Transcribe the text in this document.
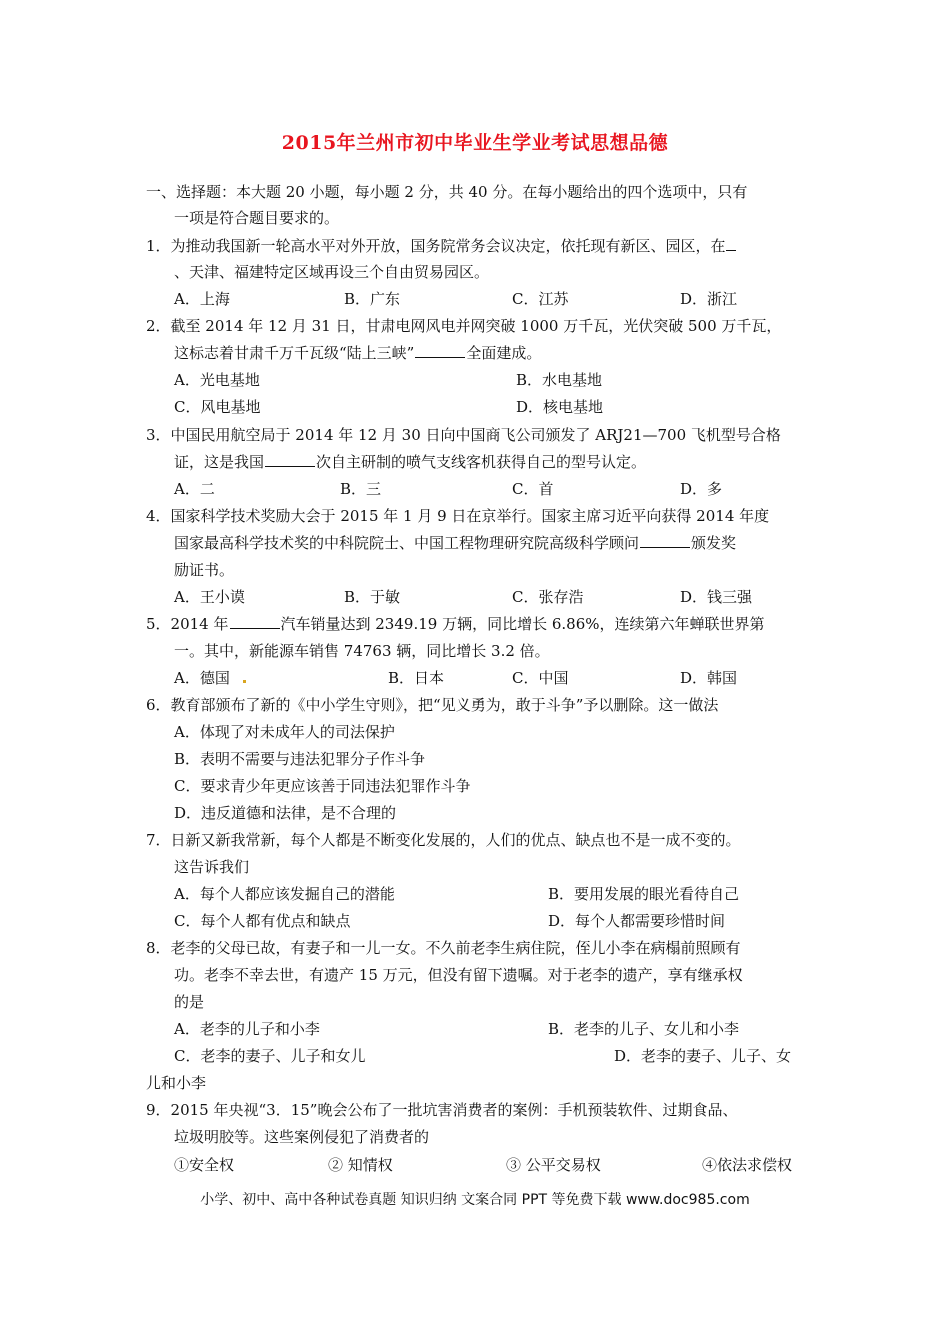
2015年兰州市初中毕业生学业考试思想品德
一、选择题：本大题 20 小题，每小题 2 分，共 40 分。在每小题给出的四个选项中，只有
一项是符合题目要求的。
1．为推动我国新一轮高水平对外开放，国务院常务会议决定，依托现有新区、园区，在
、天津、福建特定区域再设三个自由贸易园区。
A．上海	B．广东	C．江苏	D．浙江
2．截至 2014 年 12 月 31 日，甘肃电网风电并网突破 1000 万千瓦，光伏突破 500 万千瓦，
这标志着甘肃千万千瓦级“陆上三峡”	全面建成。
A．光电基地	B．水电基地
C．风电基地	D．核电基地
3．中国民用航空局于 2014 年 12 月 30 日向中国商飞公司颁发了 ARJ21—700 飞机型号合格
证，这是我国	次自主研制的喷气支线客机获得自己的型号认定。
A．二	B．三	C．首	D．多
4．国家科学技术奖励大会于 2015 年 1 月 9 日在京举行。国家主席习近平向获得 2014 年度
国家最高科学技术奖的中科院院士、中国工程物理研究院高级科学顾问	颁发奖
励证书。
A．王小谟	B．于敏	C．张存浩	D．钱三强
5．2014 年	汽车销量达到 2349.19 万辆，同比增长 6.86%，连续第六年蝉联世界第
一。其中，新能源车销售 74763 辆，同比增长 3.2 倍。
A．德国	B．日本	C．中国	D．韩国
6．教育部颁布了新的《中小学生守则》，把“见义勇为，敢于斗争”予以删除。这一做法
A．体现了对未成年人的司法保护
B．表明不需要与违法犯罪分子作斗争
C．要求青少年更应该善于同违法犯罪作斗争
D．违反道德和法律，是不合理的
7．日新又新我常新，每个人都是不断变化发展的，人们的优点、缺点也不是一成不变的。
这告诉我们
A．每个人都应该发掘自己的潜能	B．要用发展的眼光看待自己
C．每个人都有优点和缺点	D．每个人都需要珍惜时间
8．老李的父母已故，有妻子和一儿一女。不久前老李生病住院，侄儿小李在病榻前照顾有
功。老李不幸去世，有遗产 15 万元，但没有留下遗嘱。对于老李的遗产，享有继承权
的是
A．老李的儿子和小李	B．老李的儿子、女儿和小李
C．老李的妻子、儿子和女儿	D．老李的妻子、儿子、女
儿和小李
9．2015 年央视“3．15”晚会公布了一批坑害消费者的案例：手机预装软件、过期食品、
垃圾明胶等。这些案例侵犯了消费者的
①安全权	② 知情权	③ 公平交易权	④依法求偿权
小学、初中、高中各种试卷真题 知识归纳 文案合同 PPT 等免费下载 www.doc985.com
